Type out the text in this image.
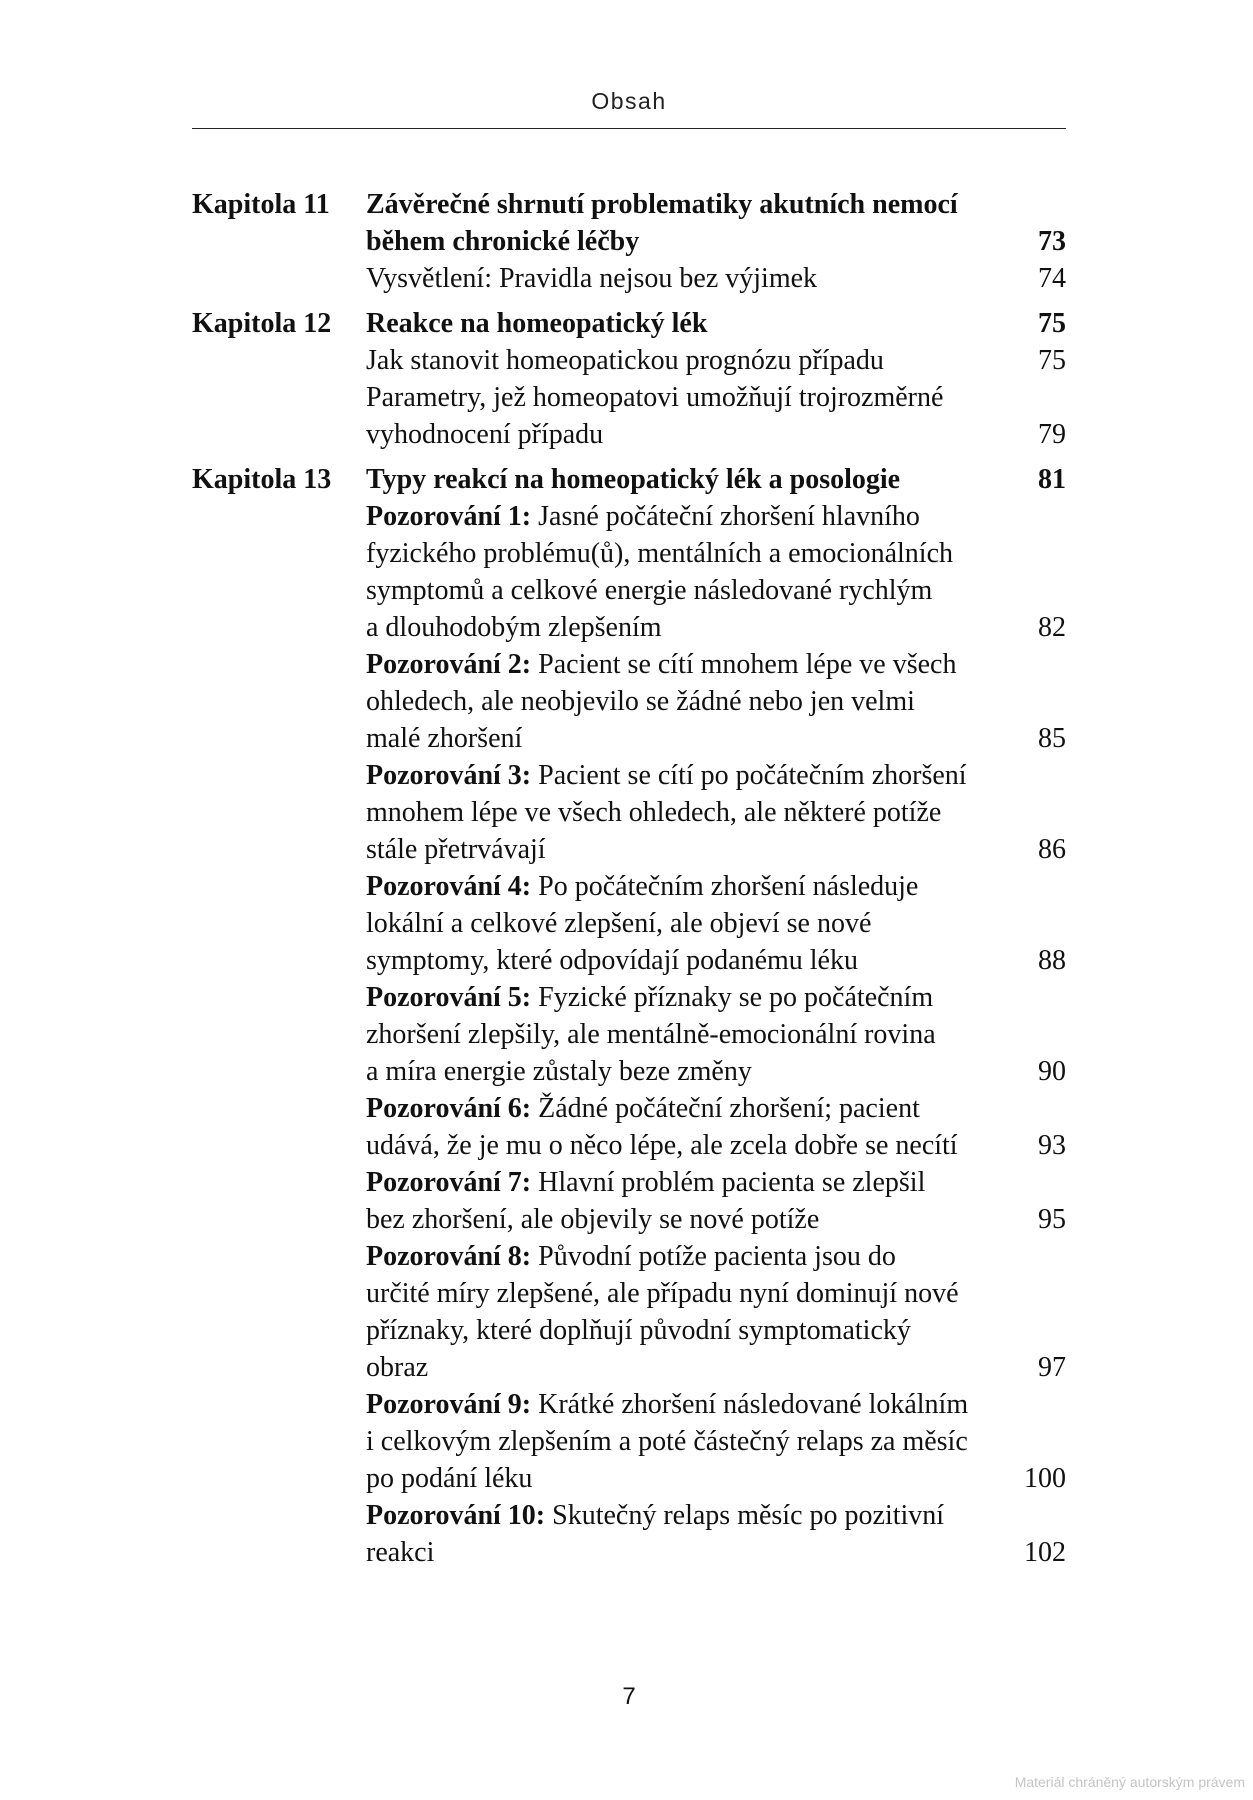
Obsah
Kapitola 11	Závěrečné shrnutí problematiky akutních nemocí
během chronické léčby	73
Vysvětlení: Pravidla nejsou bez výjimek	74
Kapitola 12	Reakce na homeopatický lék	75
Jak stanovit homeopatickou prognózu případu	75
Parametry, jež homeopatovi umožňují trojrozměrné
vyhodnocení případu	79
Kapitola 13	Typy reakcí na homeopatický lék a posologie	81
Pozorování 1: Jasné počáteční zhoršení hlavního
fyzického problému(ů), mentálních a emocionálních
symptomů a celkové energie následované rychlým
a dlouhodobým zlepšením	82
Pozorování 2: Pacient se cítí mnohem lépe ve všech
ohledech, ale neobjevilo se žádné nebo jen velmi
malé zhoršení	85
Pozorování 3: Pacient se cítí po počátečním zhoršení
mnohem lépe ve všech ohledech, ale některé potíže
stále přetrvávají	86
Pozorování 4: Po počátečním zhoršení následuje
lokální a celkové zlepšení, ale objeví se nové
symptomy, které odpovídají podanému léku	88
Pozorování 5: Fyzické příznaky se po počátečním
zhoršení zlepšily, ale mentálně-emocionální rovina
a míra energie zůstaly beze změny	90
Pozorování 6: Žádné počáteční zhoršení; pacient
udává, že je mu o něco lépe, ale zcela dobře se necítí	93
Pozorování 7: Hlavní problém pacienta se zlepšil
bez zhoršení, ale objevily se nové potíže	95
Pozorování 8: Původní potíže pacienta jsou do
určité míry zlepšené, ale případu nyní dominují nové
příznaky, které doplňují původní symptomatický
obraz	97
Pozorování 9: Krátké zhoršení následované lokálním
i celkovým zlepšením a poté částečný relaps za měsíc
po podání léku	100
Pozorování 10: Skutečný relaps měsíc po pozitivní
reakci	102
7
Materiál chráněný autorským právem
